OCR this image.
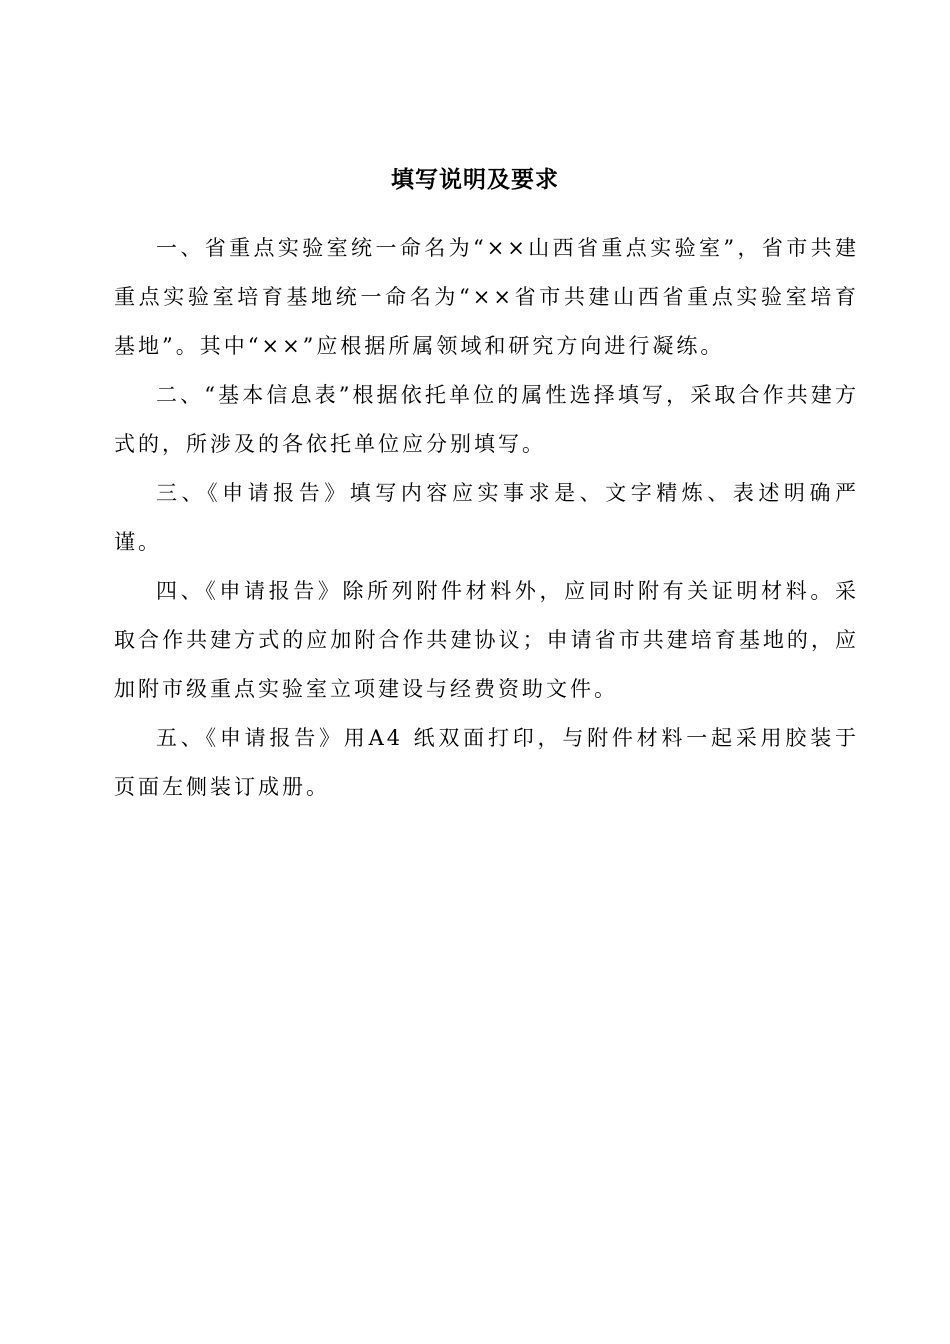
填写说明及要求

一、省重点实验室统一命名为“××山西省重点实验室”，省市共建重点实验室培育基地统一命名为“××省市共建山西省重点实验室培育基地”。其中“××”应根据所属领域和研究方向进行凝练。

二、“基本信息表”根据依托单位的属性选择填写，采取合作共建方式的，所涉及的各依托单位应分别填写。

三、《申请报告》填写内容应实事求是、文字精炼、表述明确严谨。

四、《申请报告》除所列附件材料外，应同时附有关证明材料。采取合作共建方式的应加附合作共建协议；申请省市共建培育基地的，应加附市级重点实验室立项建设与经费资助文件。

五、《申请报告》用A4 纸双面打印，与附件材料一起采用胶装于页面左侧装订成册。
